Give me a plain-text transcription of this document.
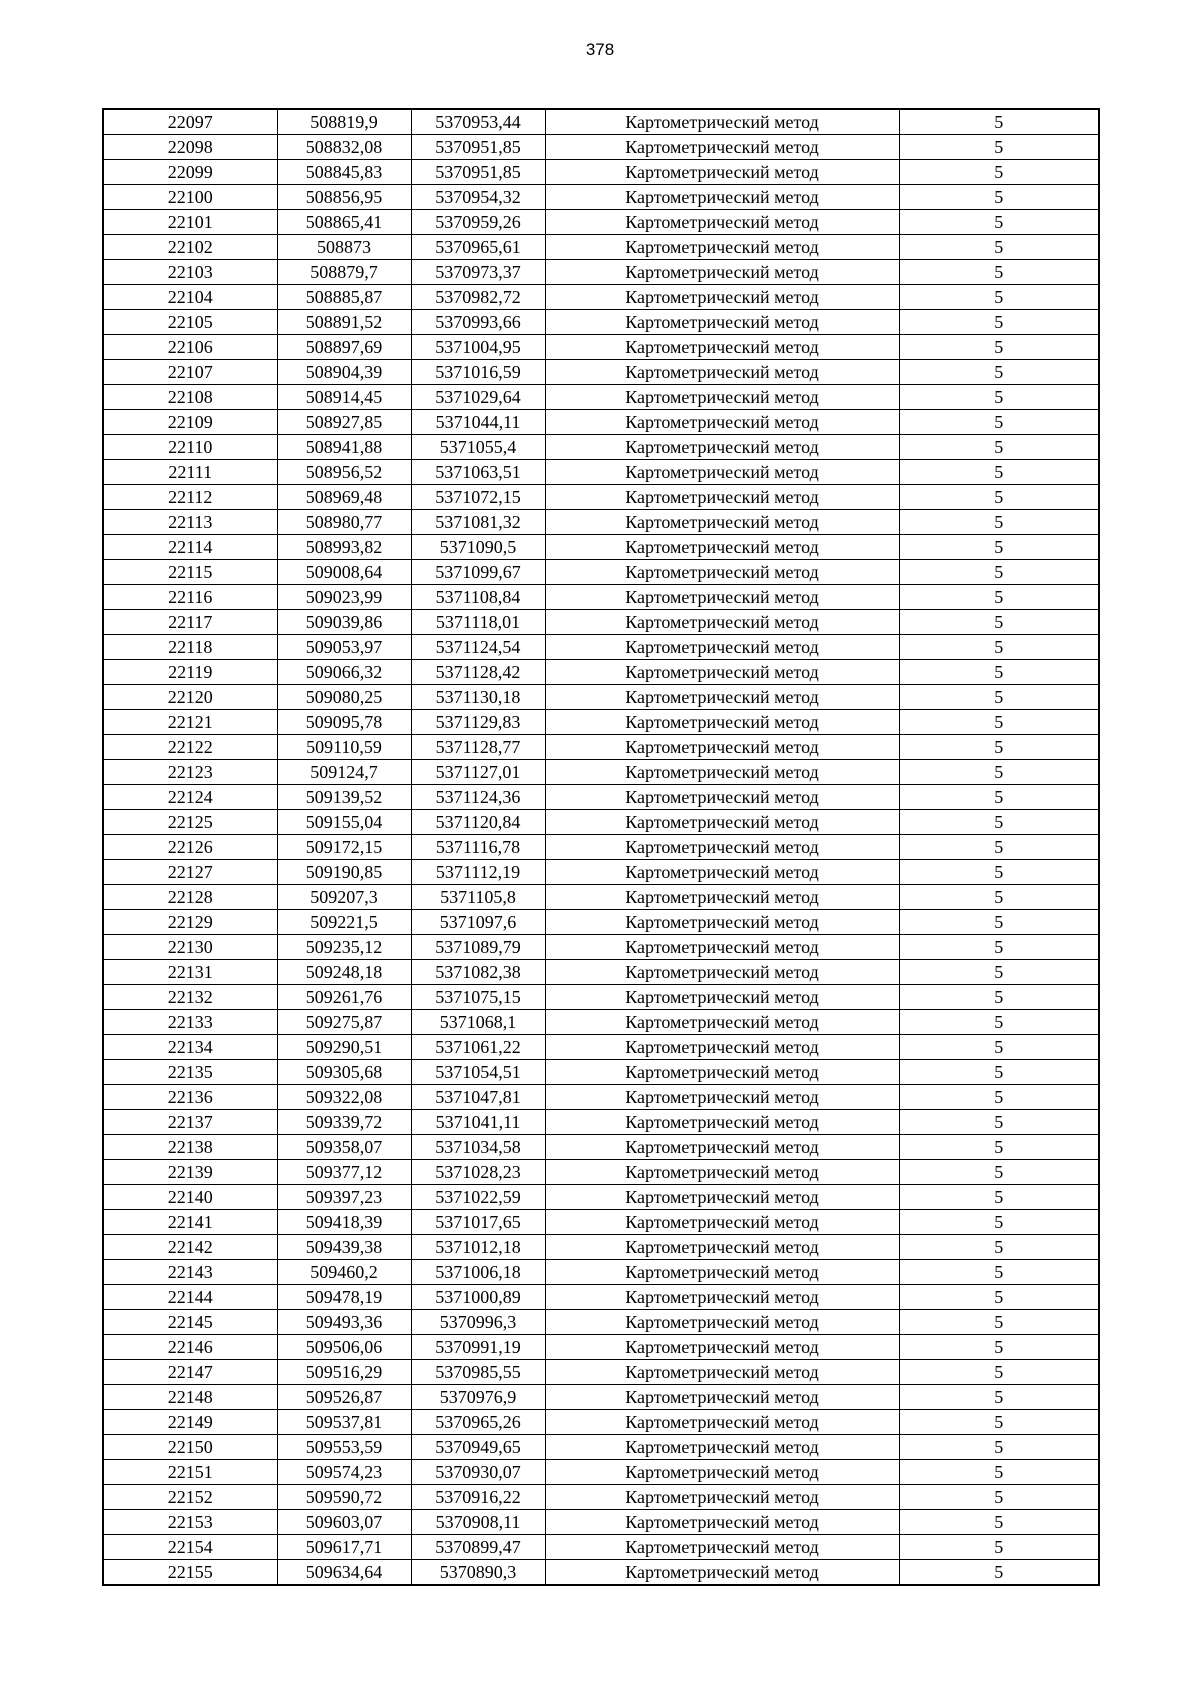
378
22097	508819,9	5370953,44	Картометрический метод	5
22098	508832,08	5370951,85	Картометрический метод	5
22099	508845,83	5370951,85	Картометрический метод	5
22100	508856,95	5370954,32	Картометрический метод	5
22101	508865,41	5370959,26	Картометрический метод	5
22102	508873	5370965,61	Картометрический метод	5
22103	508879,7	5370973,37	Картометрический метод	5
22104	508885,87	5370982,72	Картометрический метод	5
22105	508891,52	5370993,66	Картометрический метод	5
22106	508897,69	5371004,95	Картометрический метод	5
22107	508904,39	5371016,59	Картометрический метод	5
22108	508914,45	5371029,64	Картометрический метод	5
22109	508927,85	5371044,11	Картометрический метод	5
22110	508941,88	5371055,4	Картометрический метод	5
22111	508956,52	5371063,51	Картометрический метод	5
22112	508969,48	5371072,15	Картометрический метод	5
22113	508980,77	5371081,32	Картометрический метод	5
22114	508993,82	5371090,5	Картометрический метод	5
22115	509008,64	5371099,67	Картометрический метод	5
22116	509023,99	5371108,84	Картометрический метод	5
22117	509039,86	5371118,01	Картометрический метод	5
22118	509053,97	5371124,54	Картометрический метод	5
22119	509066,32	5371128,42	Картометрический метод	5
22120	509080,25	5371130,18	Картометрический метод	5
22121	509095,78	5371129,83	Картометрический метод	5
22122	509110,59	5371128,77	Картометрический метод	5
22123	509124,7	5371127,01	Картометрический метод	5
22124	509139,52	5371124,36	Картометрический метод	5
22125	509155,04	5371120,84	Картометрический метод	5
22126	509172,15	5371116,78	Картометрический метод	5
22127	509190,85	5371112,19	Картометрический метод	5
22128	509207,3	5371105,8	Картометрический метод	5
22129	509221,5	5371097,6	Картометрический метод	5
22130	509235,12	5371089,79	Картометрический метод	5
22131	509248,18	5371082,38	Картометрический метод	5
22132	509261,76	5371075,15	Картометрический метод	5
22133	509275,87	5371068,1	Картометрический метод	5
22134	509290,51	5371061,22	Картометрический метод	5
22135	509305,68	5371054,51	Картометрический метод	5
22136	509322,08	5371047,81	Картометрический метод	5
22137	509339,72	5371041,11	Картометрический метод	5
22138	509358,07	5371034,58	Картометрический метод	5
22139	509377,12	5371028,23	Картометрический метод	5
22140	509397,23	5371022,59	Картометрический метод	5
22141	509418,39	5371017,65	Картометрический метод	5
22142	509439,38	5371012,18	Картометрический метод	5
22143	509460,2	5371006,18	Картометрический метод	5
22144	509478,19	5371000,89	Картометрический метод	5
22145	509493,36	5370996,3	Картометрический метод	5
22146	509506,06	5370991,19	Картометрический метод	5
22147	509516,29	5370985,55	Картометрический метод	5
22148	509526,87	5370976,9	Картометрический метод	5
22149	509537,81	5370965,26	Картометрический метод	5
22150	509553,59	5370949,65	Картометрический метод	5
22151	509574,23	5370930,07	Картометрический метод	5
22152	509590,72	5370916,22	Картометрический метод	5
22153	509603,07	5370908,11	Картометрический метод	5
22154	509617,71	5370899,47	Картометрический метод	5
22155	509634,64	5370890,3	Картометрический метод	5
